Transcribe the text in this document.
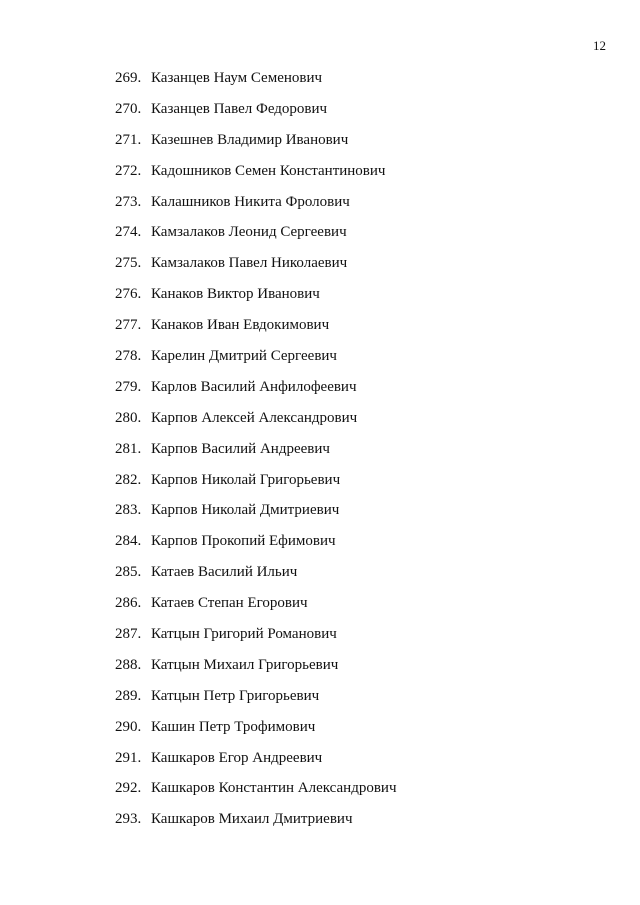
12
269. Казанцев Наум Семенович
270. Казанцев Павел Федорович
271. Казешнев Владимир Иванович
272. Кадошников Семен Константинович
273. Калашников Никита Фролович
274. Камзалаков Леонид Сергеевич
275. Камзалаков Павел Николаевич
276. Канаков Виктор Иванович
277. Канаков Иван Евдокимович
278. Карелин Дмитрий Сергеевич
279. Карлов Василий Анфилофеевич
280. Карпов Алексей Александрович
281. Карпов Василий Андреевич
282. Карпов Николай Григорьевич
283. Карпов Николай Дмитриевич
284. Карпов Прокопий Ефимович
285. Катаев Василий Ильич
286. Катаев Степан Егорович
287. Катцын Григорий Романович
288. Катцын Михаил Григорьевич
289. Катцын Петр Григорьевич
290. Кашин Петр Трофимович
291. Кашкаров Егор Андреевич
292. Кашкаров Константин Александрович
293. Кашкаров Михаил Дмитриевич
